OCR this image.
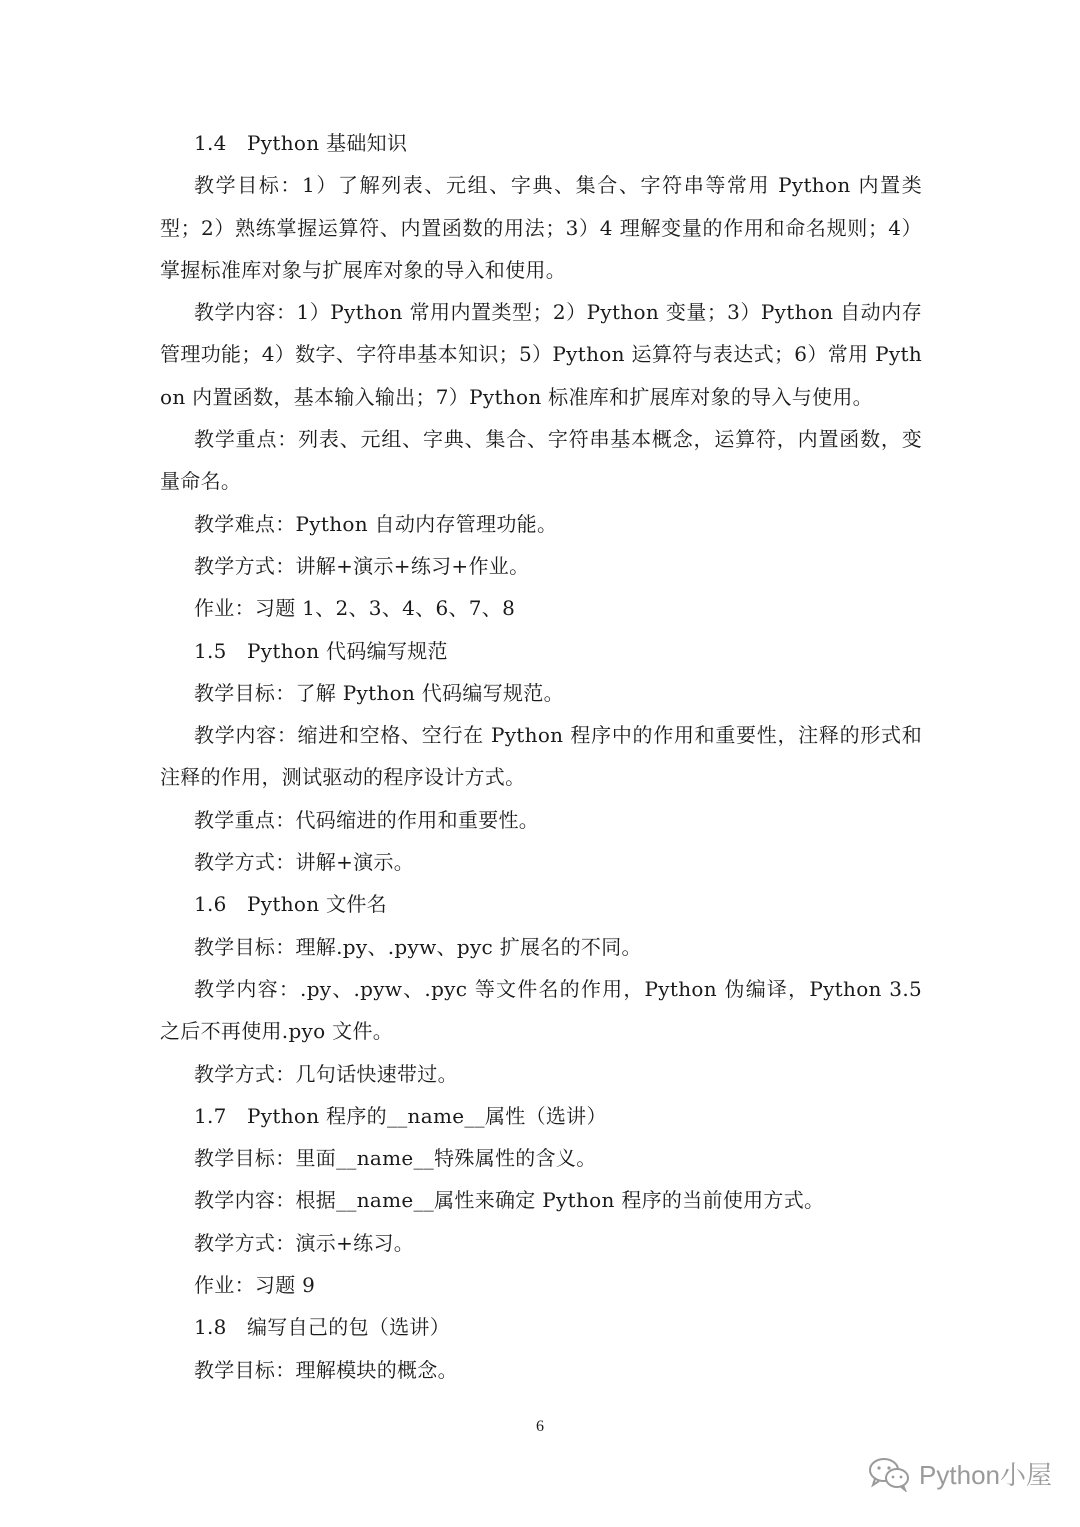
1.4　Python 基础知识

教学目标：1）了解列表、元组、字典、集合、字符串等常用 Python 内置类型；2）熟练掌握运算符、内置函数的用法；3）4 理解变量的作用和命名规则；4）掌握标准库对象与扩展库对象的导入和使用。

教学内容：1）Python 常用内置类型；2）Python 变量；3）Python 自动内存管理功能；4）数字、字符串基本知识；5）Python 运算符与表达式；6）常用 Python 内置函数，基本输入输出；7）Python 标准库和扩展库对象的导入与使用。

教学重点：列表、元组、字典、集合、字符串基本概念，运算符，内置函数，变量命名。

教学难点：Python 自动内存管理功能。

教学方式：讲解+演示+练习+作业。

作业：习题 1、2、3、4、6、7、8

1.5　Python 代码编写规范

教学目标：了解 Python 代码编写规范。

教学内容：缩进和空格、空行在 Python 程序中的作用和重要性，注释的形式和注释的作用，测试驱动的程序设计方式。

教学重点：代码缩进的作用和重要性。

教学方式：讲解+演示。

1.6　Python 文件名

教学目标：理解.py、.pyw、pyc 扩展名的不同。

教学内容：.py、.pyw、.pyc 等文件名的作用，Python 伪编译，Python 3.5 之后不再使用.pyo 文件。

教学方式：几句话快速带过。

1.7　Python 程序的__name__属性（选讲）

教学目标：里面__name__特殊属性的含义。

教学内容：根据__name__属性来确定 Python 程序的当前使用方式。

教学方式：演示+练习。

作业：习题 9

1.8　编写自己的包（选讲）

教学目标：理解模块的概念。

6
Python小屋
